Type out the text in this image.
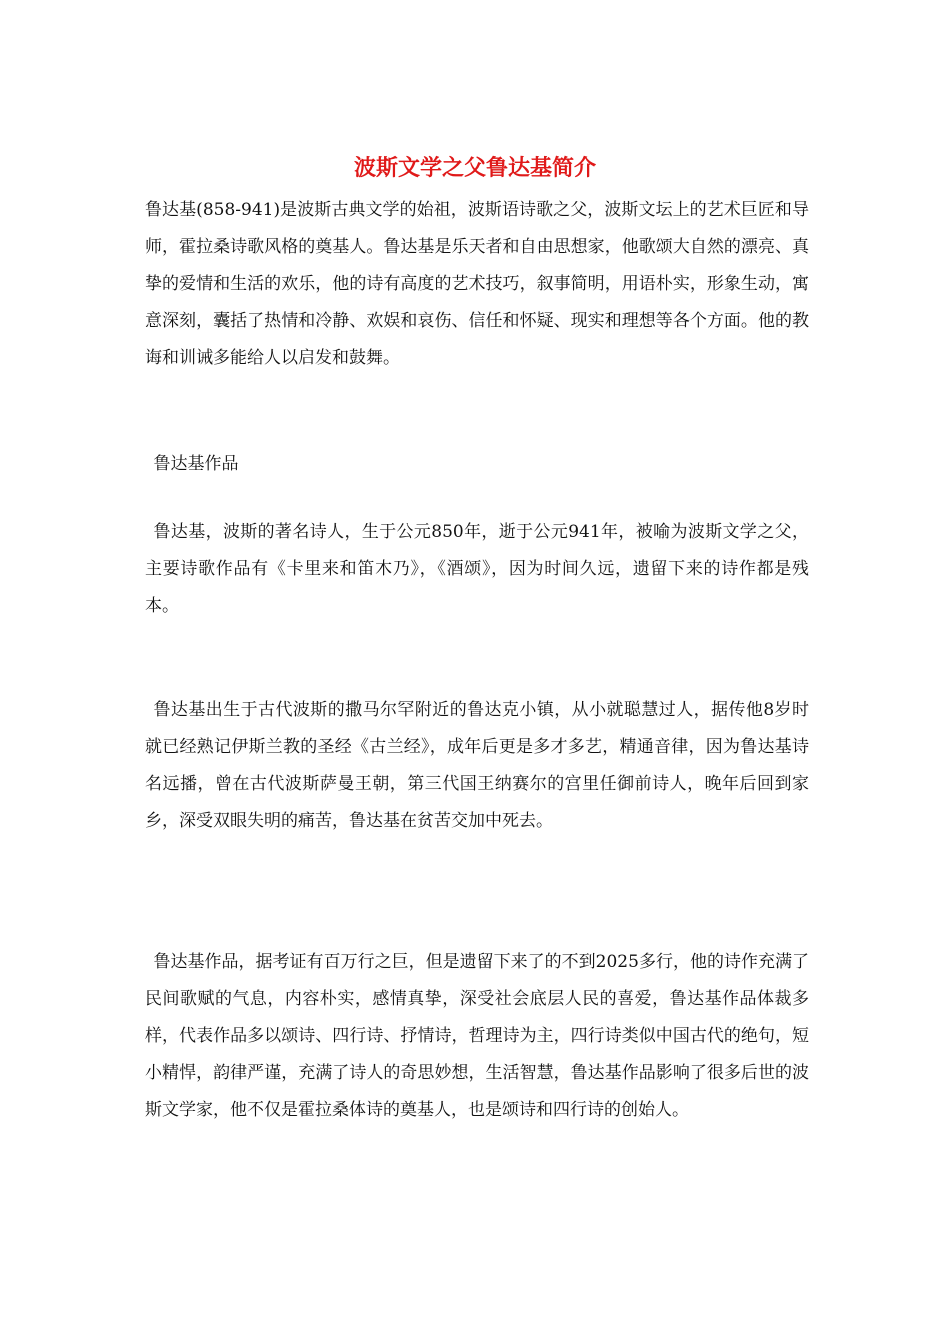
波斯文学之父鲁达基简介

鲁达基(858-941)是波斯古典文学的始祖，波斯语诗歌之父，波斯文坛上的艺术巨匠和导师，霍拉桑诗歌风格的奠基人。鲁达基是乐天者和自由思想家，他歌颂大自然的漂亮、真挚的爱情和生活的欢乐，他的诗有高度的艺术技巧，叙事简明，用语朴实，形象生动，寓意深刻，囊括了热情和冷静、欢娱和哀伤、信任和怀疑、现实和理想等各个方面。他的教诲和训诫多能给人以启发和鼓舞。

鲁达基作品

鲁达基，波斯的著名诗人，生于公元850年，逝于公元941年，被喻为波斯文学之父，主要诗歌作品有《卡里来和笛木乃》，《酒颂》，因为时间久远，遗留下来的诗作都是残本。

鲁达基出生于古代波斯的撒马尔罕附近的鲁达克小镇，从小就聪慧过人，据传他8岁时就已经熟记伊斯兰教的圣经《古兰经》，成年后更是多才多艺，精通音律，因为鲁达基诗名远播，曾在古代波斯萨曼王朝，第三代国王纳赛尔的宫里任御前诗人，晚年后回到家乡，深受双眼失明的痛苦，鲁达基在贫苦交加中死去。

鲁达基作品，据考证有百万行之巨，但是遗留下来了的不到2025多行，他的诗作充满了民间歌赋的气息，内容朴实，感情真挚，深受社会底层人民的喜爱，鲁达基作品体裁多样，代表作品多以颂诗、四行诗、抒情诗，哲理诗为主，四行诗类似中国古代的绝句，短小精悍，韵律严谨，充满了诗人的奇思妙想，生活智慧，鲁达基作品影响了很多后世的波斯文学家，他不仅是霍拉桑体诗的奠基人，也是颂诗和四行诗的创始人。
